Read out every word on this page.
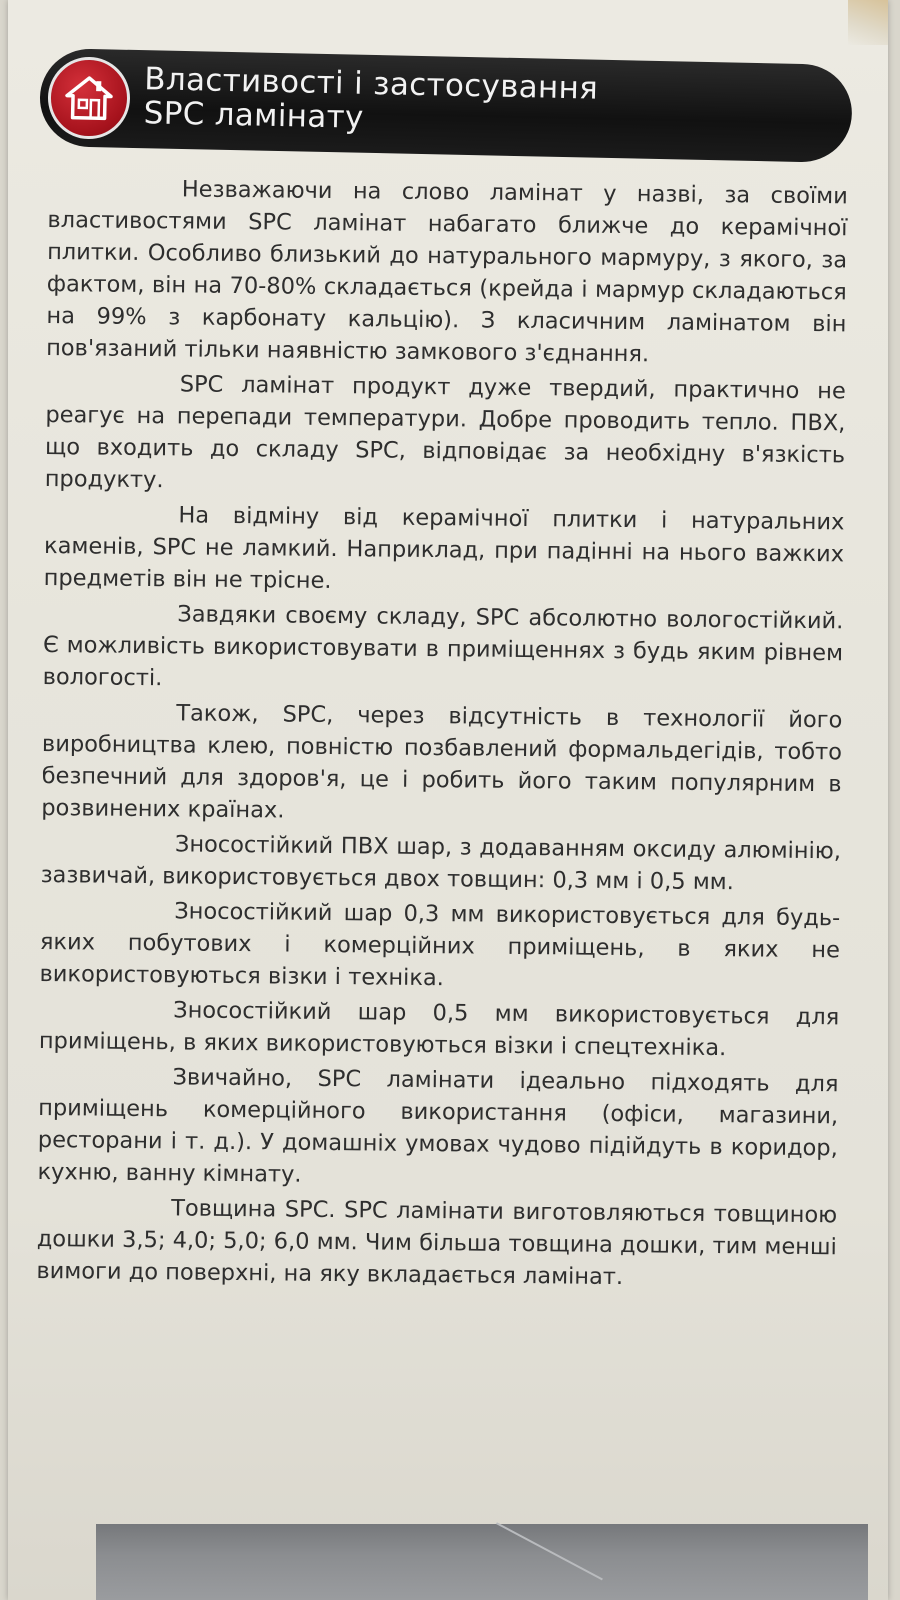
Властивості і застосування
SPC ламінату

Незважаючи на слово ламінат у назві, за своїми властивостями SPC ламінат набагато ближче до керамічної плитки. Особливо близький до натурального мармуру, з якого, за фактом, він на 70-80% складається (крейда і мармур складаються на 99% з карбонату кальцію). З класичним ламінатом він пов'язаний тільки наявністю замкового з'єднання.

SPC ламінат продукт дуже твердий, практично не реагує на перепади температури. Добре проводить тепло. ПВХ, що входить до складу SPC, відповідає за необхідну в'язкість продукту.

На відміну від керамічної плитки і натуральних каменів, SPC не ламкий. Наприклад, при падінні на нього важких предметів він не трісне.

Завдяки своєму складу, SPC абсолютно вологостійкий. Є можливість використовувати в приміщеннях з будь яким рівнем вологості.

Також, SPC, через відсутність в технології його виробництва клею, повністю позбавлений формальдегідів, тобто безпечний для здоров'я, це і робить його таким популярним в розвинених країнах.

Зносостійкий ПВХ шар, з додаванням оксиду алюмінію, зазвичай, використовується двох товщин: 0,3 мм і 0,5 мм.

Зносостійкий шар 0,3 мм використовується для будь-яких побутових і комерційних приміщень, в яких не використовуються візки і техніка.

Зносостійкий шар 0,5 мм використовується для приміщень, в яких використовуються візки і спецтехніка.

Звичайно, SPC ламінати ідеально підходять для приміщень комерційного використання (офіси, магазини, ресторани і т. д.). У домашніх умовах чудово підійдуть в коридор, кухню, ванну кімнату.

Товщина SPC. SPC ламінати виготовляються товщиною дошки 3,5; 4,0; 5,0; 6,0 мм. Чим більша товщина дошки, тим менші вимоги до поверхні, на яку вкладається ламінат.
